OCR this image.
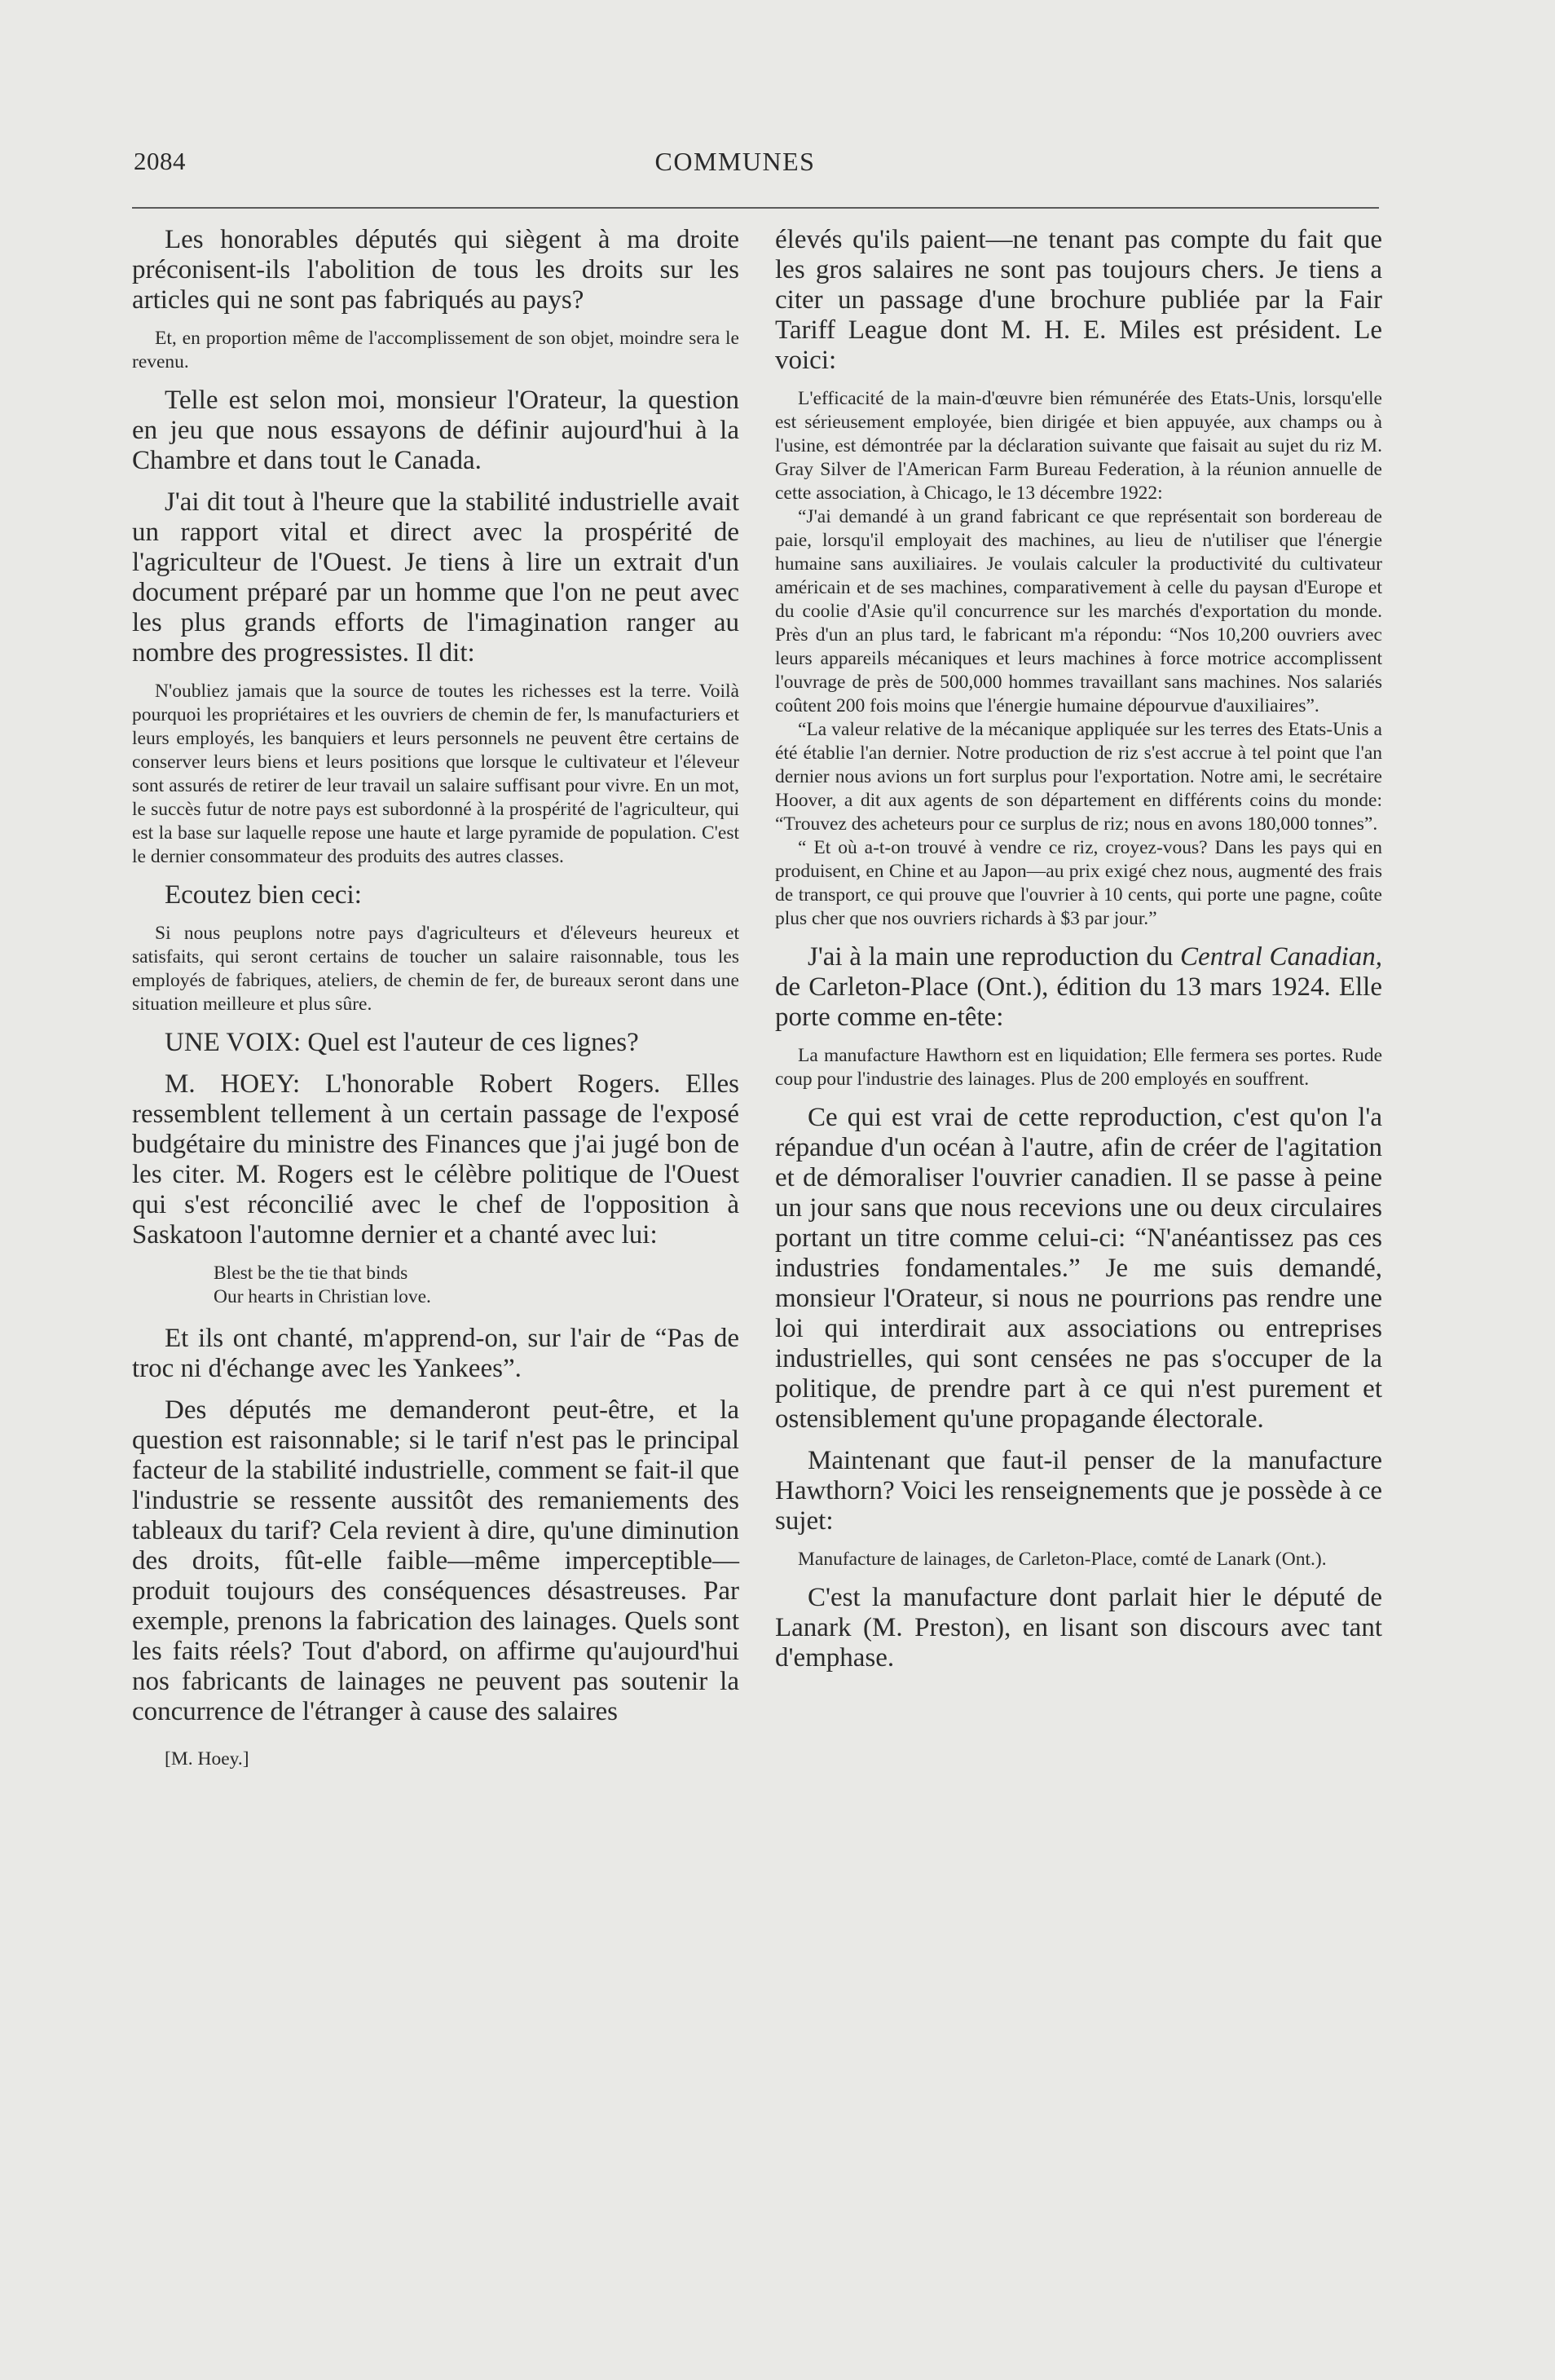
2084	COMMUNES

Les honorables députés qui siègent à ma droite préconisent-ils l'abolition de tous les droits sur les articles qui ne sont pas fabriqués au pays?

Et, en proportion même de l'accomplissement de son objet, moindre sera le revenu.

Telle est selon moi, monsieur l'Orateur, la question en jeu que nous essayons de définir aujourd'hui à la Chambre et dans tout le Canada.

J'ai dit tout à l'heure que la stabilité industrielle avait un rapport vital et direct avec la prospérité de l'agriculteur de l'Ouest. Je tiens à lire un extrait d'un document préparé par un homme que l'on ne peut avec les plus grands efforts de l'imagination ranger au nombre des progressistes. Il dit:

N'oubliez jamais que la source de toutes les richesses est la terre. Voilà pourquoi les propriétaires et les ouvriers de chemin de fer, ls manufacturiers et leurs employés, les banquiers et leurs personnels ne peuvent être certains de conserver leurs biens et leurs positions que lorsque le cultivateur et l'éleveur sont assurés de retirer de leur travail un salaire suffisant pour vivre. En un mot, le succès futur de notre pays est subordonné à la prospérité de l'agriculteur, qui est la base sur laquelle repose une haute et large pyramide de population. C'est le dernier consommateur des produits des autres classes.

Ecoutez bien ceci:

Si nous peuplons notre pays d'agriculteurs et d'éleveurs heureux et satisfaits, qui seront certains de toucher un salaire raisonnable, tous les employés de fabriques, ateliers, de chemin de fer, de bureaux seront dans une situation meilleure et plus sûre.

UNE VOIX: Quel est l'auteur de ces lignes?

M. HOEY: L'honorable Robert Rogers. Elles ressemblent tellement à un certain passage de l'exposé budgétaire du ministre des Finances que j'ai jugé bon de les citer. M. Rogers est le célèbre politique de l'Ouest qui s'est réconcilié avec le chef de l'opposition à Saskatoon l'automne dernier et a chanté avec lui:

Blest be the tie that binds
Our hearts in Christian love.

Et ils ont chanté, m'apprend-on, sur l'air de “Pas de troc ni d'échange avec les Yankees”.

Des députés me demanderont peut-être, et la question est raisonnable; si le tarif n'est pas le principal facteur de la stabilité industrielle, comment se fait-il que l'industrie se ressente aussitôt des remaniements des tableaux du tarif? Cela revient à dire, qu'une diminution des droits, fût-elle faible—même imperceptible—produit toujours des conséquences désastreuses. Par exemple, prenons la fabrication des lainages. Quels sont les faits réels? Tout d'abord, on affirme qu'aujourd'hui nos fabricants de lainages ne peuvent pas soutenir la concurrence de l'étranger à cause des salaires

[M. Hoey.]

élevés qu'ils paient—ne tenant pas compte du fait que les gros salaires ne sont pas toujours chers. Je tiens a citer un passage d'une brochure publiée par la Fair Tariff League dont M. H. E. Miles est président. Le voici:

L'efficacité de la main-d'œuvre bien rémunérée des Etats-Unis, lorsqu'elle est sérieusement employée, bien dirigée et bien appuyée, aux champs ou à l'usine, est démontrée par la déclaration suivante que faisait au sujet du riz M. Gray Silver de l'American Farm Bureau Federation, à la réunion annuelle de cette association, à Chicago, le 13 décembre 1922:

“J'ai demandé à un grand fabricant ce que représentait son bordereau de paie, lorsqu'il employait des machines, au lieu de n'utiliser que l'énergie humaine sans auxiliaires. Je voulais calculer la productivité du cultivateur américain et de ses machines, comparativement à celle du paysan d'Europe et du coolie d'Asie qu'il concurrence sur les marchés d'exportation du monde. Près d'un an plus tard, le fabricant m'a répondu: “Nos 10,200 ouvriers avec leurs appareils mécaniques et leurs machines à force motrice accomplissent l'ouvrage de près de 500,000 hommes travaillant sans machines. Nos salariés coûtent 200 fois moins que l'énergie humaine dépourvue d'auxiliaires”.

“La valeur relative de la mécanique appliquée sur les terres des Etats-Unis a été établie l'an dernier. Notre production de riz s'est accrue à tel point que l'an dernier nous avions un fort surplus pour l'exportation. Notre ami, le secrétaire Hoover, a dit aux agents de son département en différents coins du monde: “Trouvez des acheteurs pour ce surplus de riz; nous en avons 180,000 tonnes”.

“ Et où a-t-on trouvé à vendre ce riz, croyez-vous? Dans les pays qui en produisent, en Chine et au Japon—au prix exigé chez nous, augmenté des frais de transport, ce qui prouve que l'ouvrier à 10 cents, qui porte une pagne, coûte plus cher que nos ouvriers richards à $3 par jour.”

J'ai à la main une reproduction du Central Canadian, de Carleton-Place (Ont.), édition du 13 mars 1924. Elle porte comme en-tête:

La manufacture Hawthorn est en liquidation; Elle fermera ses portes. Rude coup pour l'industrie des lainages. Plus de 200 employés en souffrent.

Ce qui est vrai de cette reproduction, c'est qu'on l'a répandue d'un océan à l'autre, afin de créer de l'agitation et de démoraliser l'ouvrier canadien. Il se passe à peine un jour sans que nous recevions une ou deux circulaires portant un titre comme celui-ci: “N'anéantissez pas ces industries fondamentales.” Je me suis demandé, monsieur l'Orateur, si nous ne pourrions pas rendre une loi qui interdirait aux associations ou entreprises industrielles, qui sont censées ne pas s'occuper de la politique, de prendre part à ce qui n'est purement et ostensiblement qu'une propagande électorale.

Maintenant que faut-il penser de la manufacture Hawthorn? Voici les renseignements que je possède à ce sujet:

Manufacture de lainages, de Carleton-Place, comté de Lanark (Ont.).

C'est la manufacture dont parlait hier le député de Lanark (M. Preston), en lisant son discours avec tant d'emphase.
